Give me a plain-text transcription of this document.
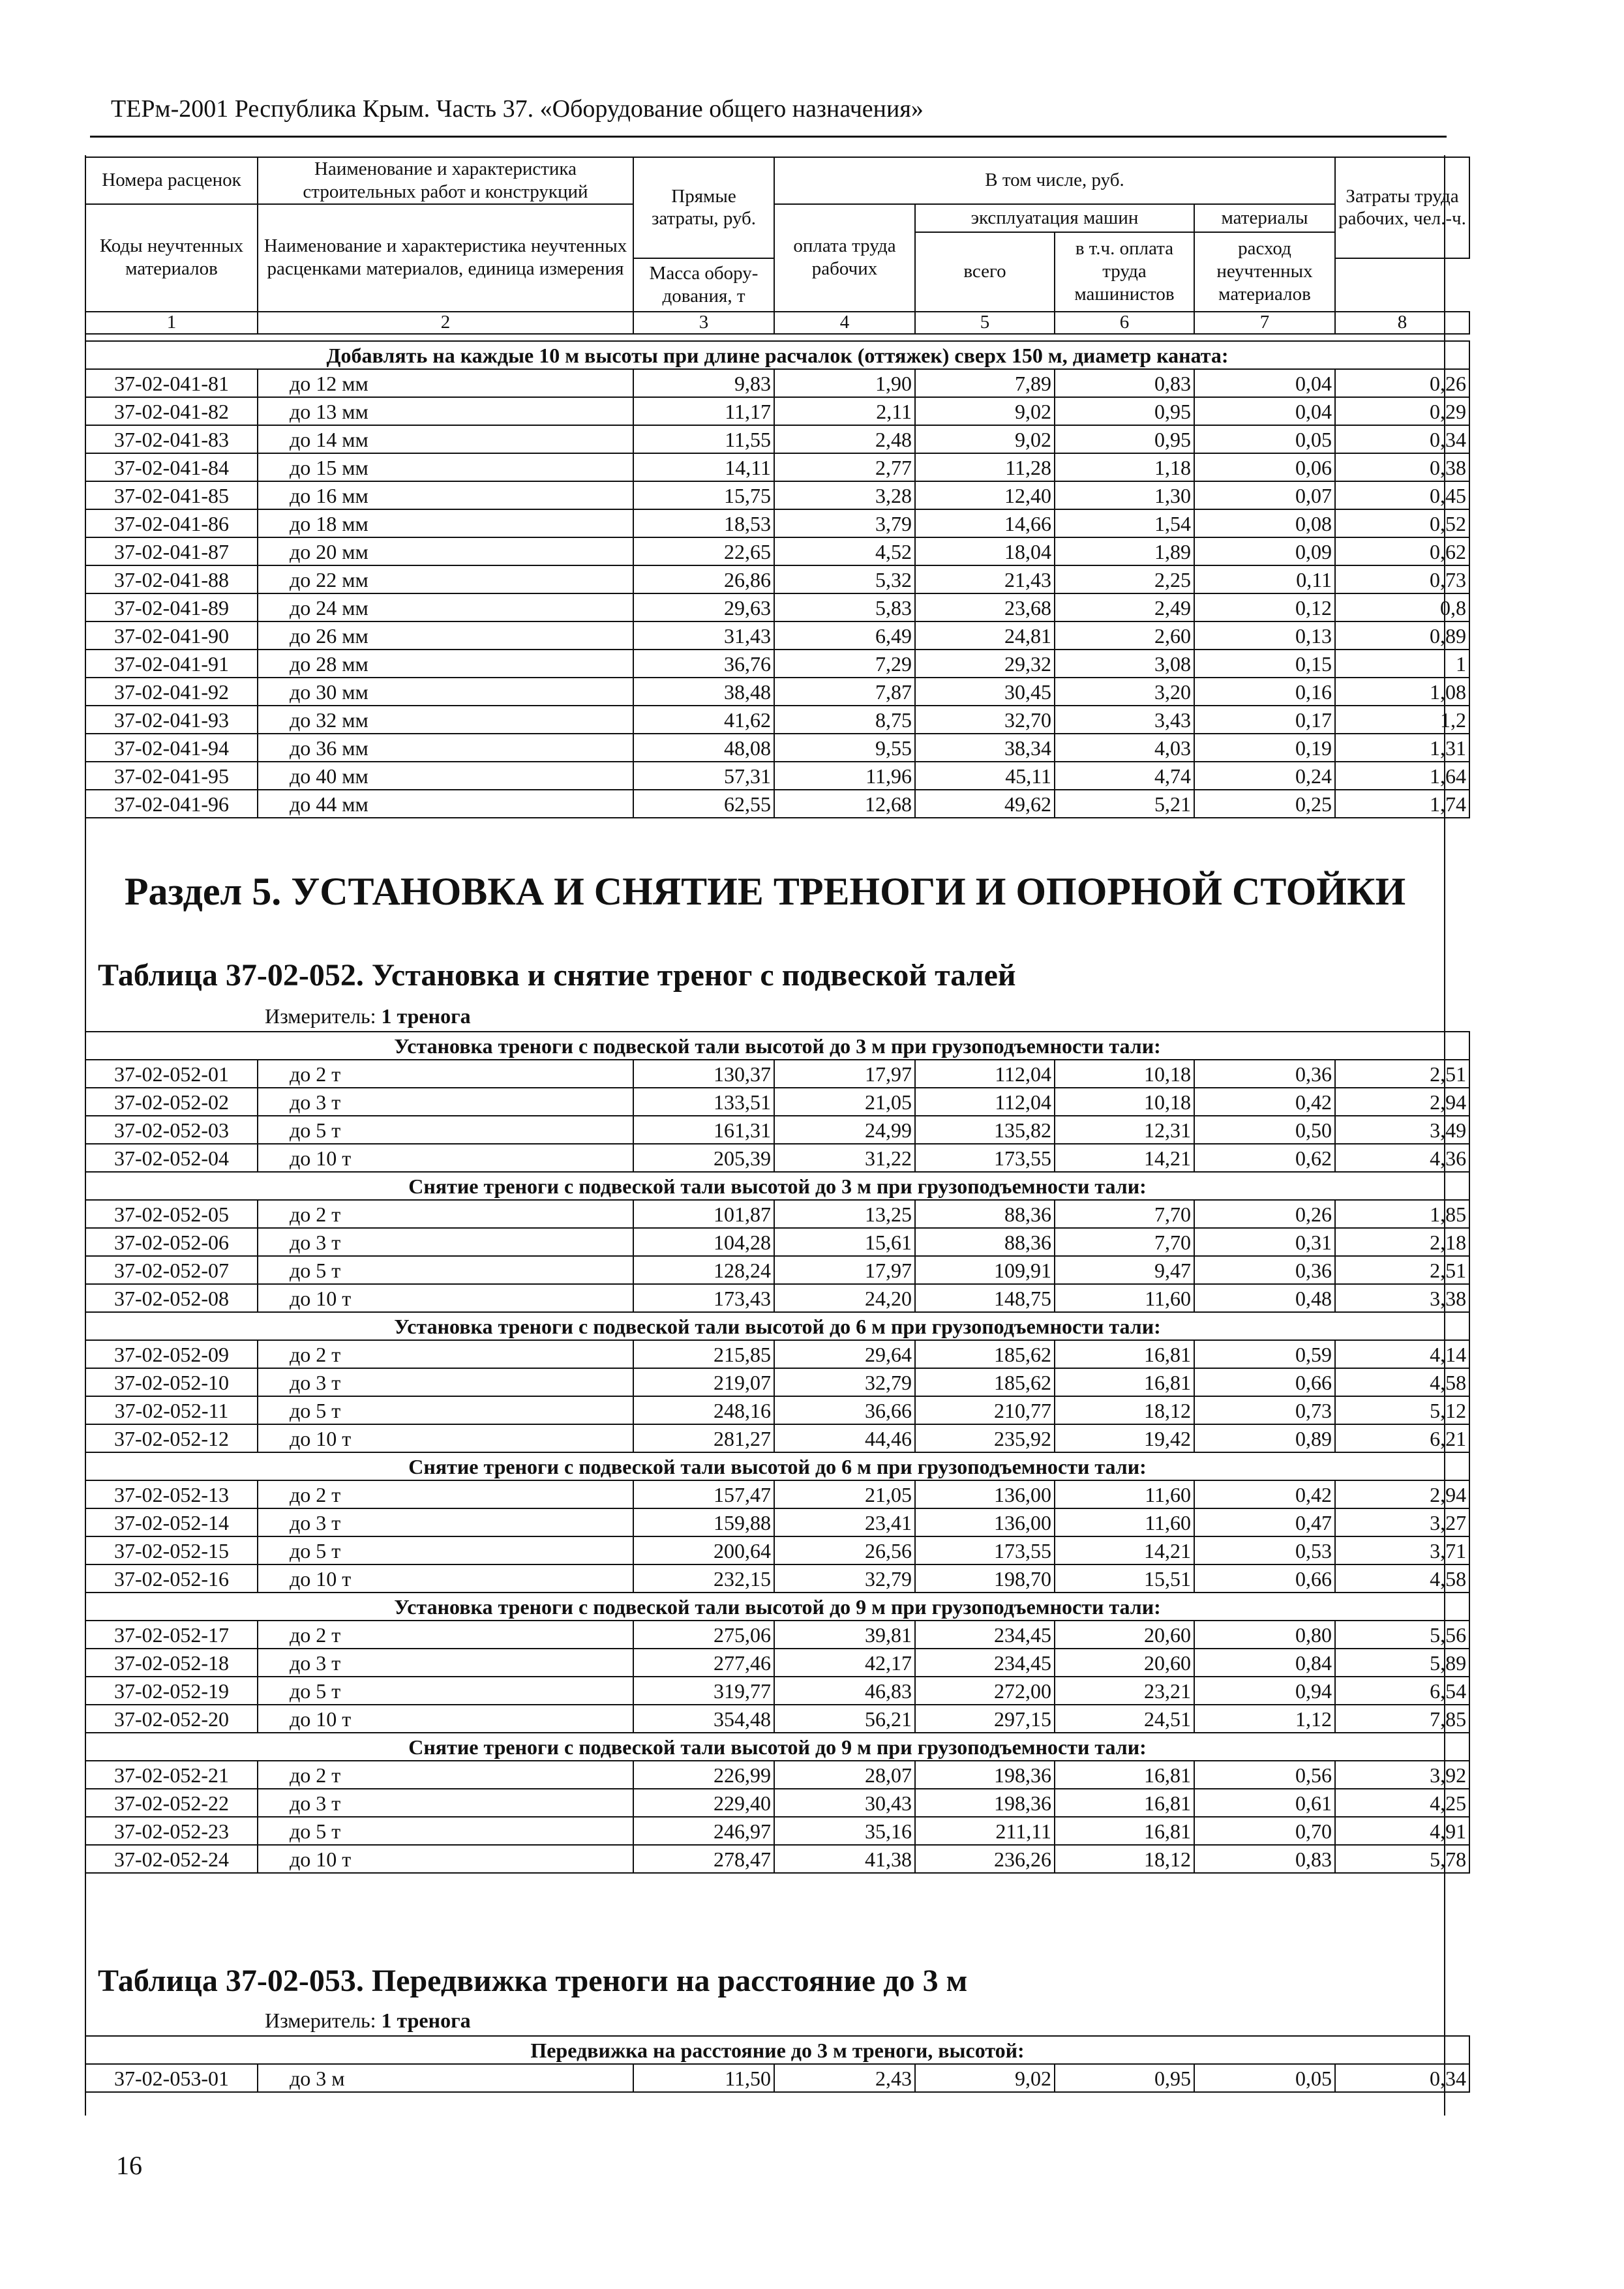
ТЕРм-2001 Республика Крым. Часть 37. «Оборудование общего назначения»
Номера расценок	Наименование и характеристика строительных работ и конструкций	Прямые затраты, руб.	В том числе, руб.				Затраты труда рабочих, чел.-ч.
Коды неучтенных материалов	Наименование и характеристика неучтенных расценками материалов, единица измерения		оплата труда рабочих	эксплуатация машин		материалы	
				всего	в т.ч. оплата труда машинистов	расход неучтенных материалов	
		Масса обору-дования, т					
1	2	3	4	5	6	7	8
Добавлять на каждые 10 м высоты при длине расчалок (оттяжек) сверх 150 м, диаметр каната:							
37-02-041-81	до 12 мм	9,83	1,90	7,89	0,83	0,04	0,26
37-02-041-82	до 13 мм	11,17	2,11	9,02	0,95	0,04	0,29
37-02-041-83	до 14 мм	11,55	2,48	9,02	0,95	0,05	0,34
37-02-041-84	до 15 мм	14,11	2,77	11,28	1,18	0,06	0,38
37-02-041-85	до 16 мм	15,75	3,28	12,40	1,30	0,07	0,45
37-02-041-86	до 18 мм	18,53	3,79	14,66	1,54	0,08	0,52
37-02-041-87	до 20 мм	22,65	4,52	18,04	1,89	0,09	0,62
37-02-041-88	до 22 мм	26,86	5,32	21,43	2,25	0,11	0,73
37-02-041-89	до 24 мм	29,63	5,83	23,68	2,49	0,12	0,8
37-02-041-90	до 26 мм	31,43	6,49	24,81	2,60	0,13	0,89
37-02-041-91	до 28 мм	36,76	7,29	29,32	3,08	0,15	1
37-02-041-92	до 30 мм	38,48	7,87	30,45	3,20	0,16	1,08
37-02-041-93	до 32 мм	41,62	8,75	32,70	3,43	0,17	1,2
37-02-041-94	до 36 мм	48,08	9,55	38,34	4,03	0,19	1,31
37-02-041-95	до 40 мм	57,31	11,96	45,11	4,74	0,24	1,64
37-02-041-96	до 44 мм	62,55	12,68	49,62	5,21	0,25	1,74
Раздел 5. УСТАНОВКА И СНЯТИЕ ТРЕНОГИ И ОПОРНОЙ СТОЙКИ
Таблица 37-02-052. Установка и снятие треног с подвеской талей
Измеритель: 1 тренога
Установка треноги с подвеской тали высотой до 3 м при грузоподъемности тали:							
37-02-052-01	до 2 т	130,37	17,97	112,04	10,18	0,36	2,51
37-02-052-02	до 3 т	133,51	21,05	112,04	10,18	0,42	2,94
37-02-052-03	до 5 т	161,31	24,99	135,82	12,31	0,50	3,49
37-02-052-04	до 10 т	205,39	31,22	173,55	14,21	0,62	4,36
Снятие треноги с подвеской тали высотой до 3 м при грузоподъемности тали:							
37-02-052-05	до 2 т	101,87	13,25	88,36	7,70	0,26	1,85
37-02-052-06	до 3 т	104,28	15,61	88,36	7,70	0,31	2,18
37-02-052-07	до 5 т	128,24	17,97	109,91	9,47	0,36	2,51
37-02-052-08	до 10 т	173,43	24,20	148,75	11,60	0,48	3,38
Установка треноги с подвеской тали высотой до 6 м при грузоподъемности тали:							
37-02-052-09	до 2 т	215,85	29,64	185,62	16,81	0,59	4,14
37-02-052-10	до 3 т	219,07	32,79	185,62	16,81	0,66	4,58
37-02-052-11	до 5 т	248,16	36,66	210,77	18,12	0,73	5,12
37-02-052-12	до 10 т	281,27	44,46	235,92	19,42	0,89	6,21
Снятие треноги с подвеской тали высотой до 6 м при грузоподъемности тали:							
37-02-052-13	до 2 т	157,47	21,05	136,00	11,60	0,42	2,94
37-02-052-14	до 3 т	159,88	23,41	136,00	11,60	0,47	3,27
37-02-052-15	до 5 т	200,64	26,56	173,55	14,21	0,53	3,71
37-02-052-16	до 10 т	232,15	32,79	198,70	15,51	0,66	4,58
Установка треноги с подвеской тали высотой до 9 м при грузоподъемности тали:							
37-02-052-17	до 2 т	275,06	39,81	234,45	20,60	0,80	5,56
37-02-052-18	до 3 т	277,46	42,17	234,45	20,60	0,84	5,89
37-02-052-19	до 5 т	319,77	46,83	272,00	23,21	0,94	6,54
37-02-052-20	до 10 т	354,48	56,21	297,15	24,51	1,12	7,85
Снятие треноги с подвеской тали высотой до 9 м при грузоподъемности тали:							
37-02-052-21	до 2 т	226,99	28,07	198,36	16,81	0,56	3,92
37-02-052-22	до 3 т	229,40	30,43	198,36	16,81	0,61	4,25
37-02-052-23	до 5 т	246,97	35,16	211,11	16,81	0,70	4,91
37-02-052-24	до 10 т	278,47	41,38	236,26	18,12	0,83	5,78
Таблица 37-02-053. Передвижка треноги на расстояние до 3 м
Измеритель: 1 тренога
Передвижка на расстояние до 3 м треноги, высотой:
37-02-053-01	до 3 м	11,50	2,43	9,02	0,95	0,05	0,34
16
